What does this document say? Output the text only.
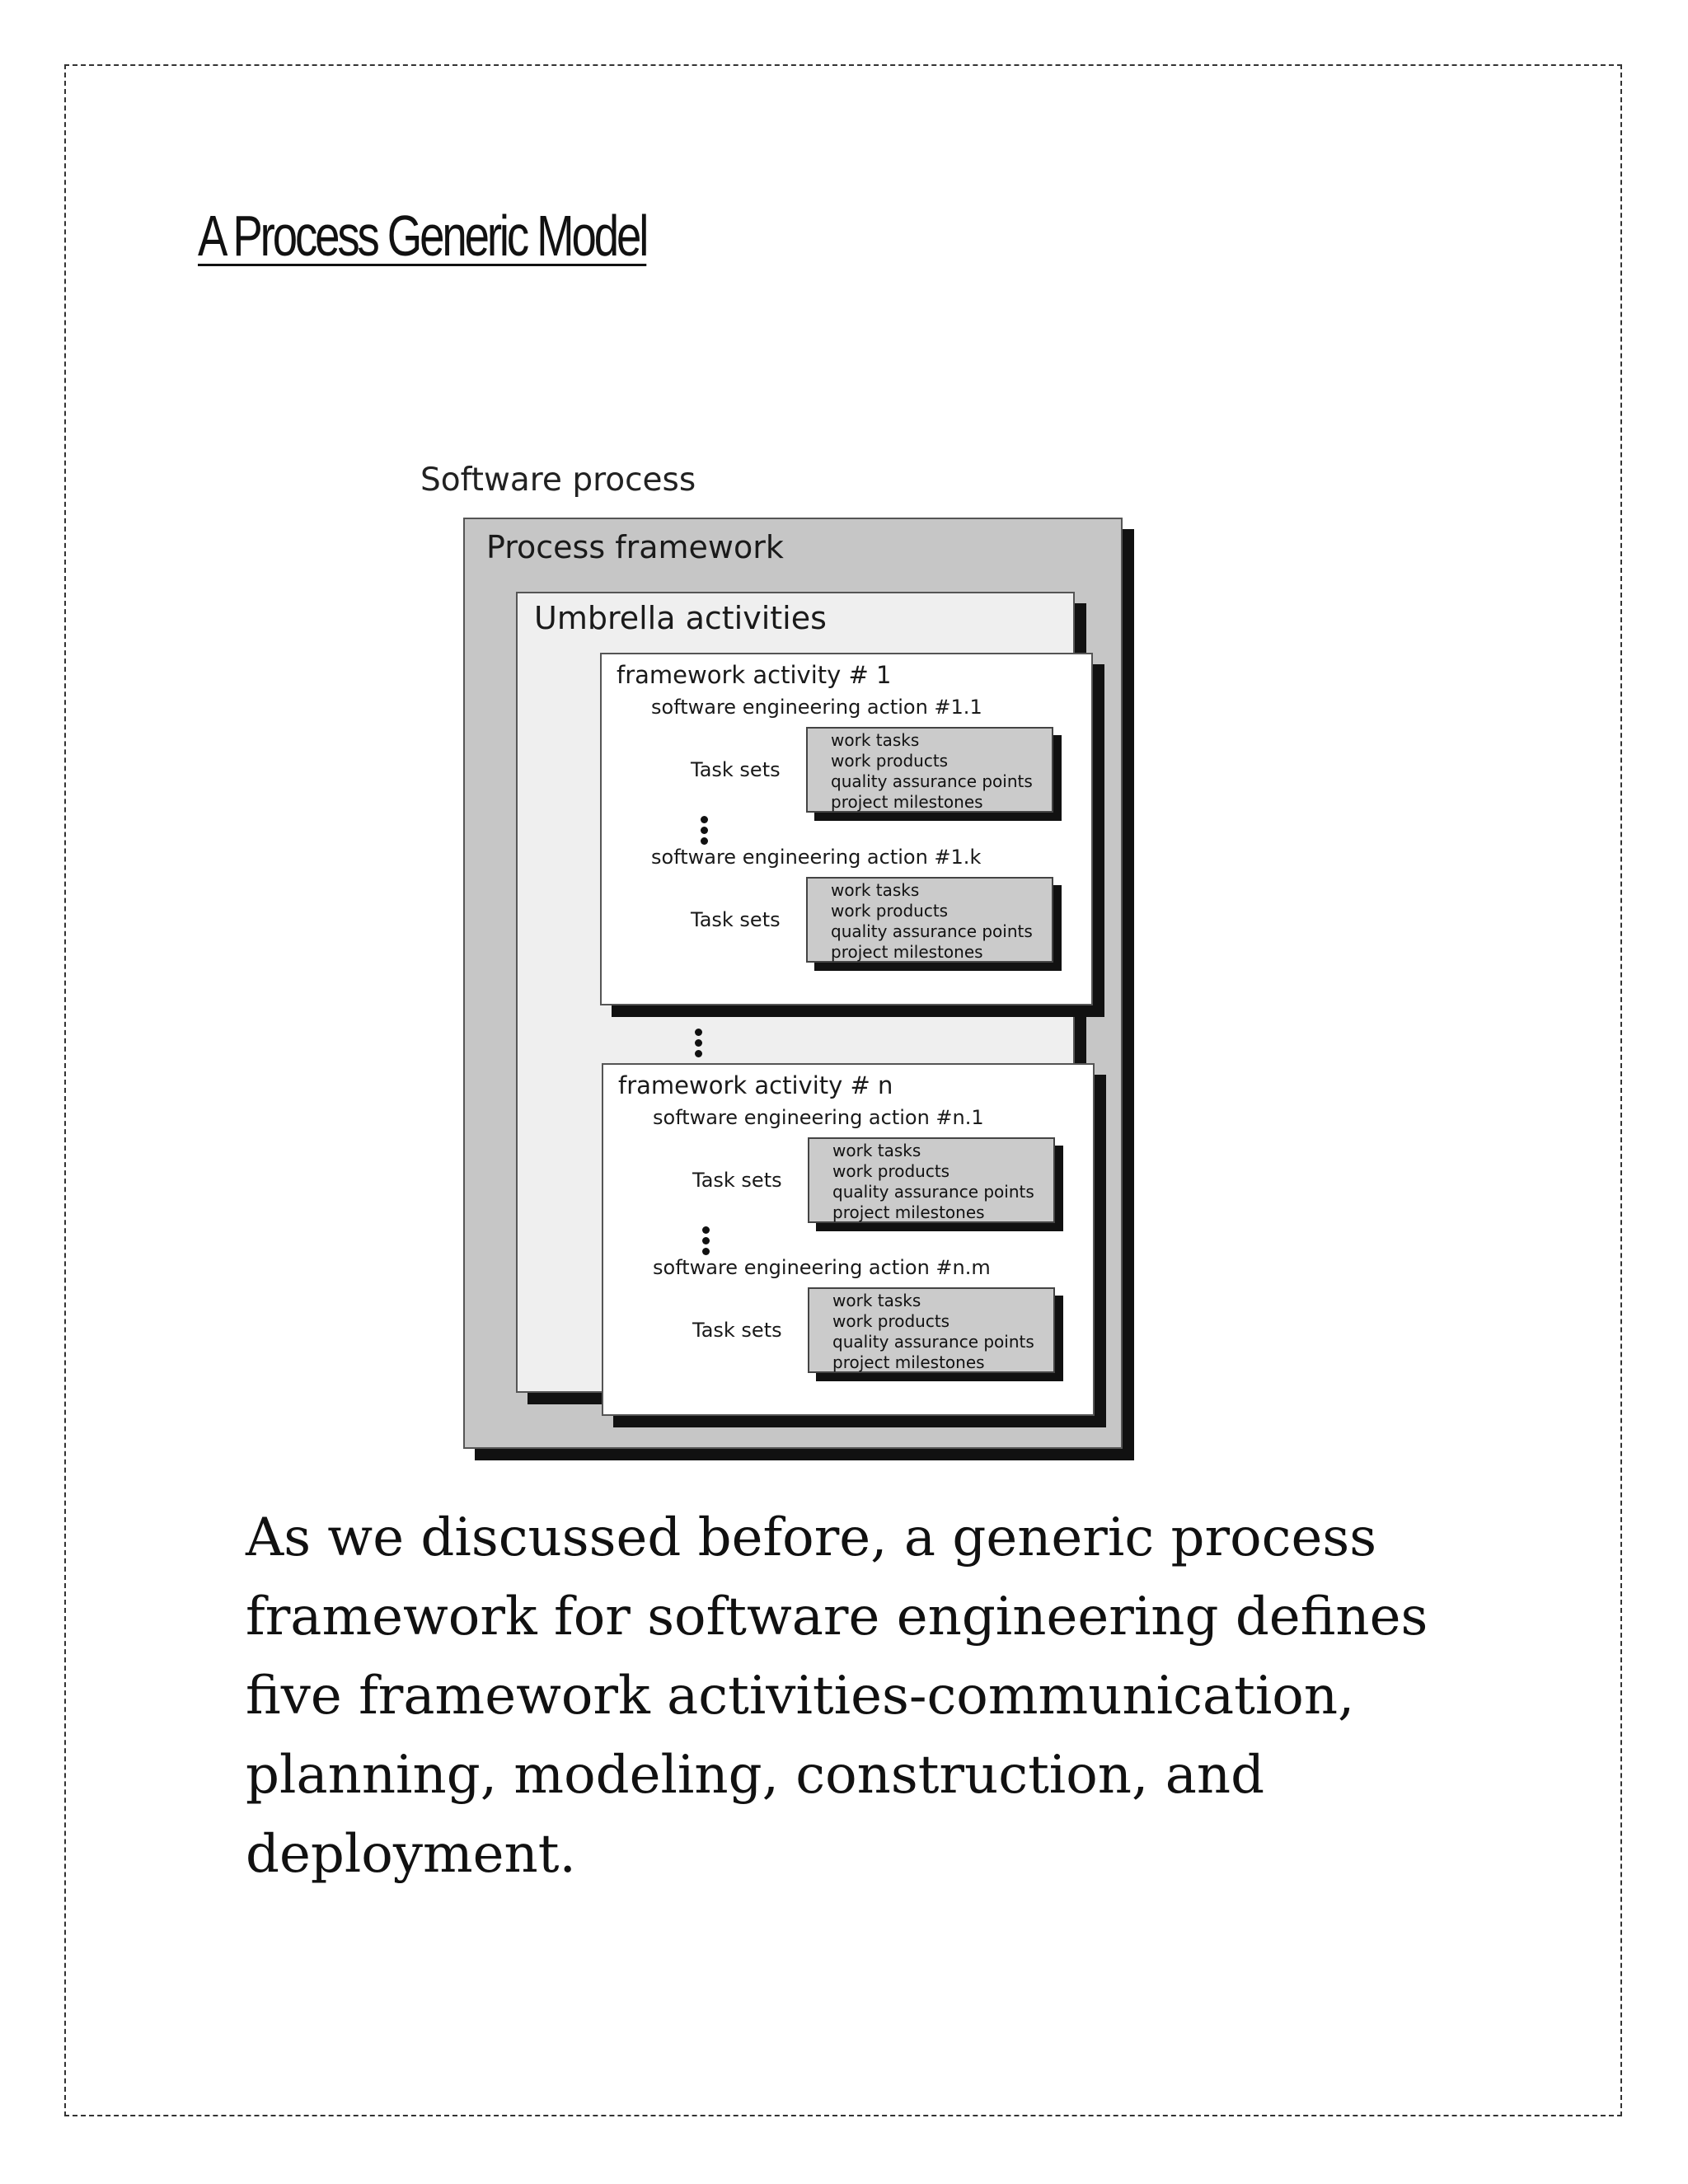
A Process Generic Model
Software process
Process framework
Umbrella activities
framework activity # 1
software engineering action #1.1
Task sets
work tasks
work products
quality assurance points
project milestones
software engineering action #1.k
Task sets
work tasks
work products
quality assurance points
project milestones
framework activity # n
software engineering action #n.1
Task sets
work tasks
work products
quality assurance points
project milestones
software engineering action #n.m
Task sets
work tasks
work products
quality assurance points
project milestones
As we discussed before, a generic process framework for software engineering defines five framework activities-communication, planning, modeling, construction, and deployment.
